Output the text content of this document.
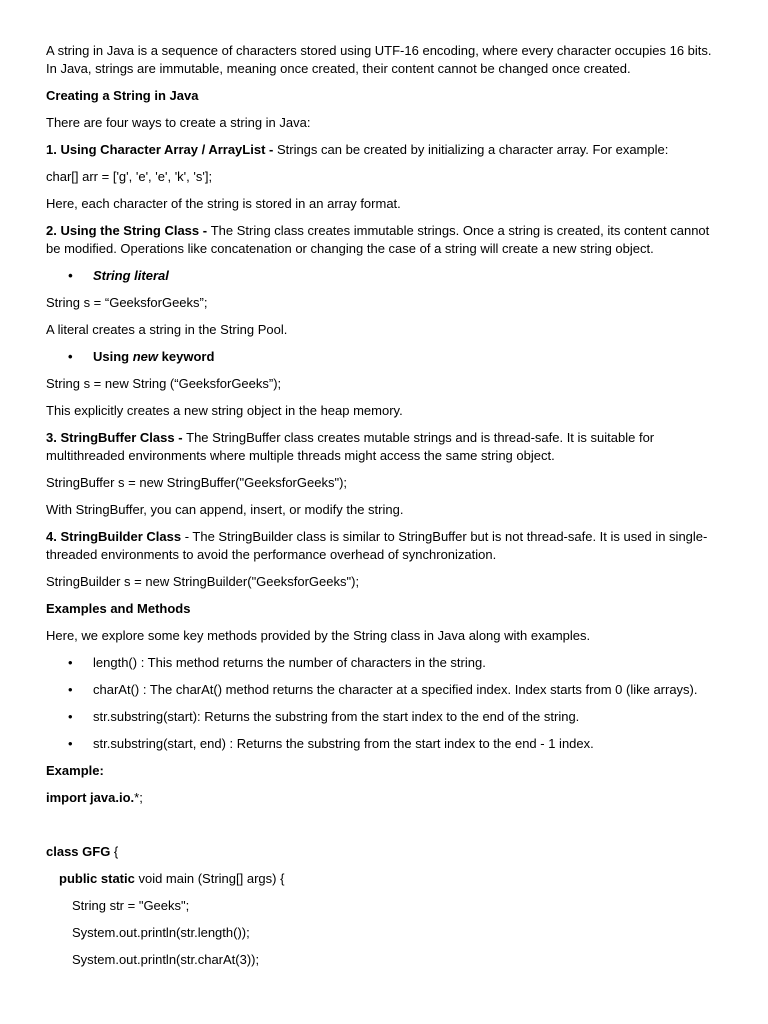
A string in Java is a sequence of characters stored using UTF-16 encoding, where every character occupies 16 bits. In Java, strings are immutable, meaning once created, their content cannot be changed once created.

Creating a String in Java

There are four ways to create a string in Java:

1. Using Character Array / ArrayList - Strings can be created by initializing a character array. For example:

char[] arr = ['g', 'e', 'e', 'k', 's'];

Here, each character of the string is stored in an array format.

2. Using the String Class - The String class creates immutable strings. Once a string is created, its content cannot be modified. Operations like concatenation or changing the case of a string will create a new string object.

• String literal

String s = “GeeksforGeeks”;

A literal creates a string in the String Pool.

• Using new keyword

String s = new String (“GeeksforGeeks”);

This explicitly creates a new string object in the heap memory.

3. StringBuffer Class - The StringBuffer class creates mutable strings and is thread-safe. It is suitable for multithreaded environments where multiple threads might access the same string object.

StringBuffer s = new StringBuffer("GeeksforGeeks");

With StringBuffer, you can append, insert, or modify the string.

4. StringBuilder Class - The StringBuilder class is similar to StringBuffer but is not thread-safe. It is used in single-threaded environments to avoid the performance overhead of synchronization.

StringBuilder s = new StringBuilder("GeeksforGeeks");

Examples and Methods

Here, we explore some key methods provided by the String class in Java along with examples.

• length() : This method returns the number of characters in the string.
• charAt() : The charAt() method returns the character at a specified index. Index starts from 0 (like arrays).
• str.substring(start): Returns the substring from the start index to the end of the string.
• str.substring(start, end) : Returns the substring from the start index to the end - 1 index.

Example:

import java.io.*;

class GFG {

public static void main (String[] args) {

String str = "Geeks";

System.out.println(str.length());

System.out.println(str.charAt(3));
